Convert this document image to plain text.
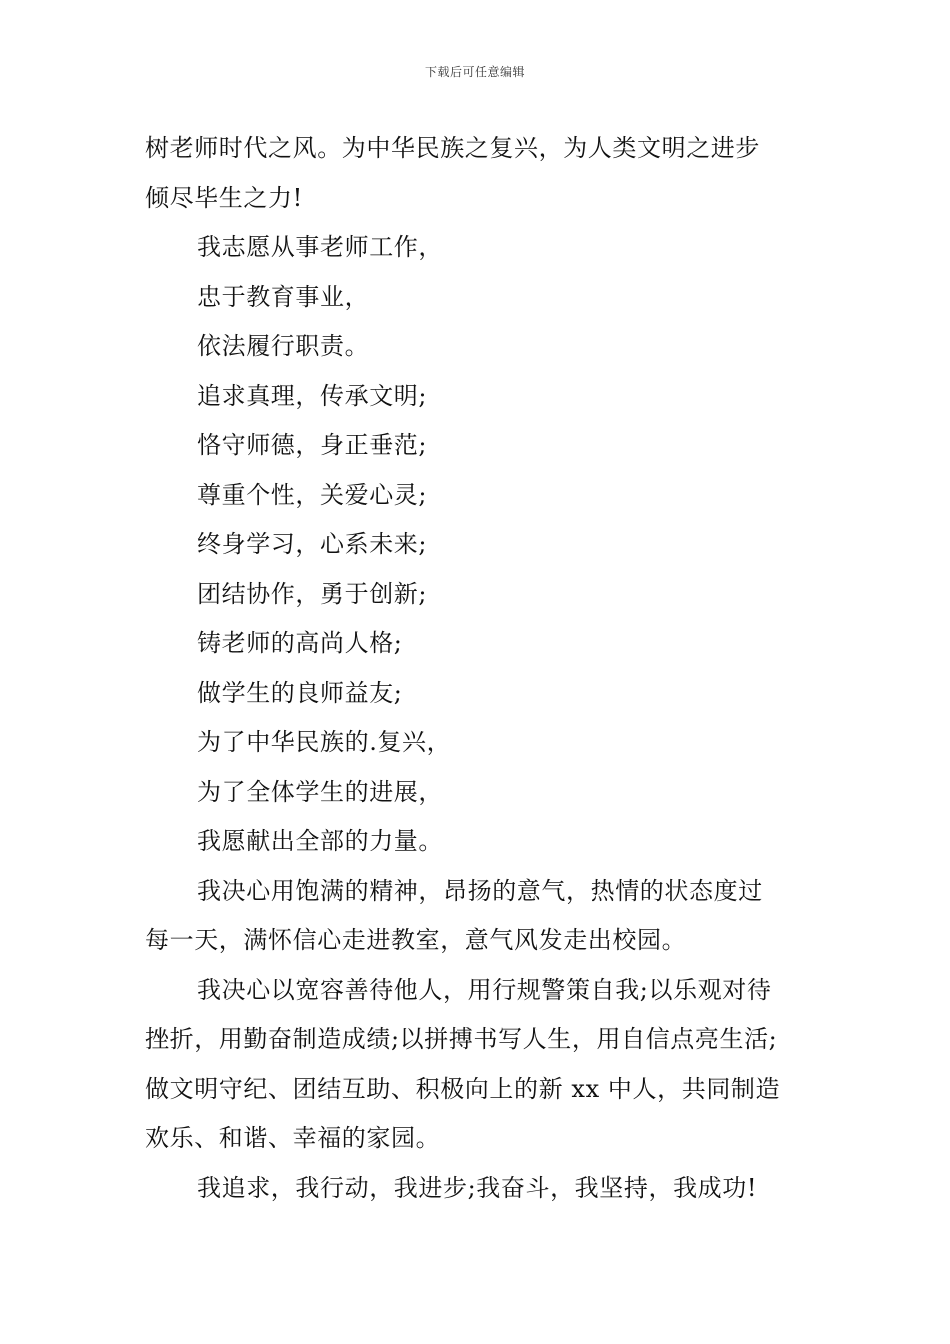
下载后可任意编辑
树老师时代之风。为中华民族之复兴，为人类文明之进步
倾尽毕生之力!
我志愿从事老师工作，
忠于教育事业，
依法履行职责。
追求真理，传承文明;
恪守师德，身正垂范;
尊重个性，关爱心灵;
终身学习，心系未来;
团结协作，勇于创新;
铸老师的高尚人格;
做学生的良师益友;
为了中华民族的.复兴，
为了全体学生的进展，
我愿献出全部的力量。
我决心用饱满的精神，昂扬的意气，热情的状态度过
每一天，满怀信心走进教室，意气风发走出校园。
我决心以宽容善待他人，用行规警策自我;以乐观对待
挫折，用勤奋制造成绩;以拼搏书写人生，用自信点亮生活;
做文明守纪、团结互助、积极向上的新 xx 中人，共同制造
欢乐、和谐、幸福的家园。
我追求，我行动，我进步;我奋斗，我坚持，我成功!
